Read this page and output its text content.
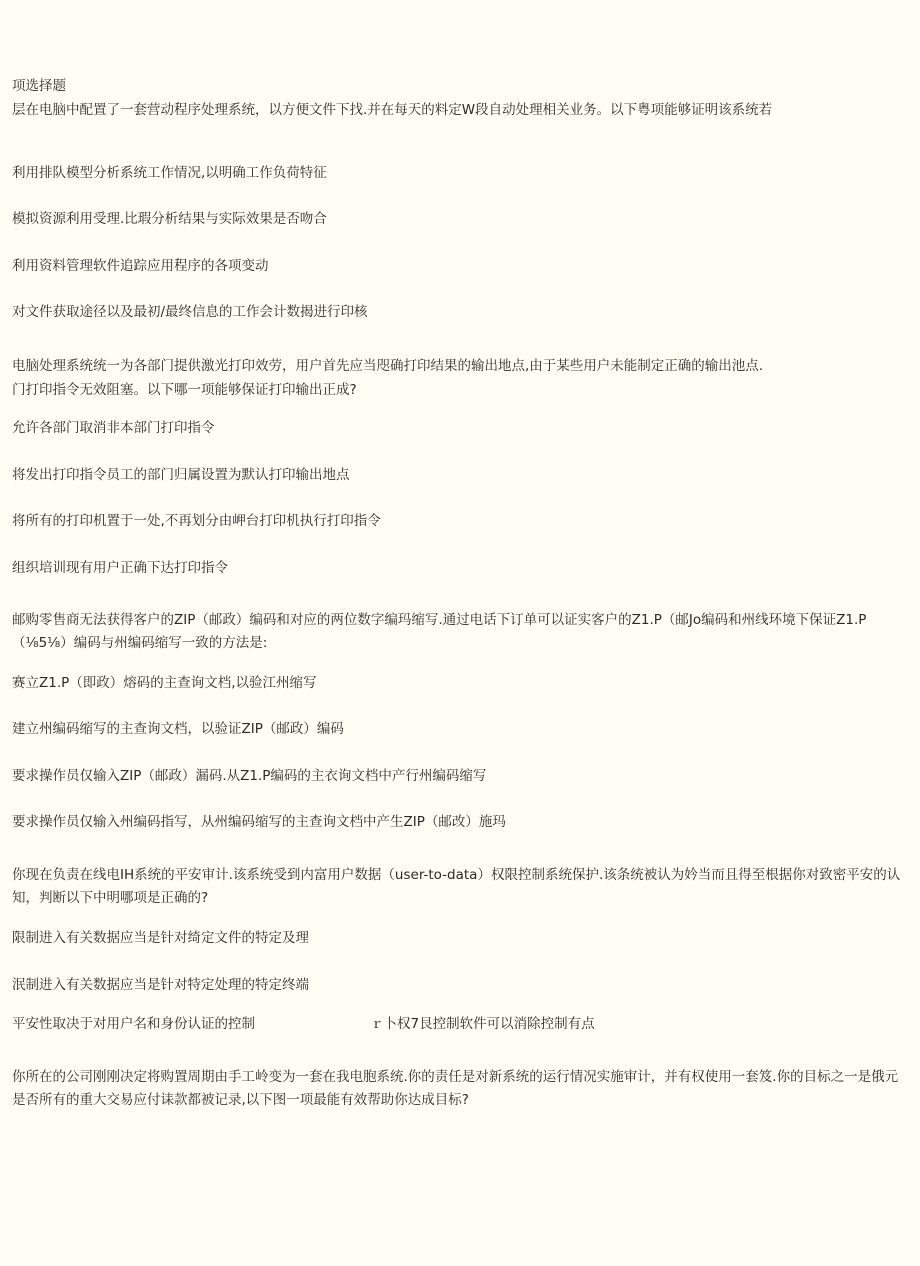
项选择题
层在电脑中配置了一套营动程序处理系统，以方便文件下找.并在每天的料定W段自动处理相关业务。以下粤项能够证明该系统若
利用排队模型分析系统工作情况,以明确工作负荷特征
模拟资源利用受理.比瑕分析结果与实际效果是否吻合
利用资料管理软件追踪应用程序的各项变动
对文件获取途径以及最初/最终信息的工作会计数揭进行印核
电脑处理系统统一为各部门提供激光打印效劳，用户首先应当咫确打印结果的输出地点,由于某些用户未能制定正确的输出池点.
门打印指令无效阻塞。以下哪一项能够保证打印输出正成?
允许各部门取消非本部门打印指令
将发出打印指令员工的部门归属设置为默认打印输出地点
将所有的打印机置于一处,不再划分由岬台打印机执行打印指令
组织培训现有用户正确下达打印指令
邮购零售商无法获得客户的ZIP（邮政）编码和对应的两位数字编玛缩写.通过电话下订单可以证实客户的Z1.P（邮Jo编码和州线环境下保证Z1.P（⅛5⅛）编码与州编码缩写一致的方法是:
赛立Z1.P（即政）熔码的主查询文档,以验江州缩写
建立州编码缩写的主查询文档，以验证ZIP（邮政）编码
要求操作员仅输入ZIP（邮政）漏码.从Z1.P编码的主衣询文档中产行州编码缩写
要求操作员仅输入州编码指写，从州编码缩写的主查询文档中产生ZIP（邮改）施玛
你现在负责在线电IH系统的平安审计.该系统受到内富用户数据（user-to-data）权限控制系统保护.该条统被认为妗当而且得至根据你对致密平安的认知，判断以下中明哪项是正确的?
限制进入有关数据应当是针对绮定文件的特定及理
泯制进入有关数据应当是针对特定处理的特定终端
平安性取决于对用户名和身份认证的控制	ｒ卜权7艮控制软件可以消除控制有点
你所在的公司刚刚决定将购置周期由手工岭变为一套在我电胞系统.你的责任是对新系统的运行情况实施审计，并有权使用一套笈.你的目标之一是俄元是否所有的重大交易应付诔款都被记录,以下图一项最能有效帮助你达成目标?
